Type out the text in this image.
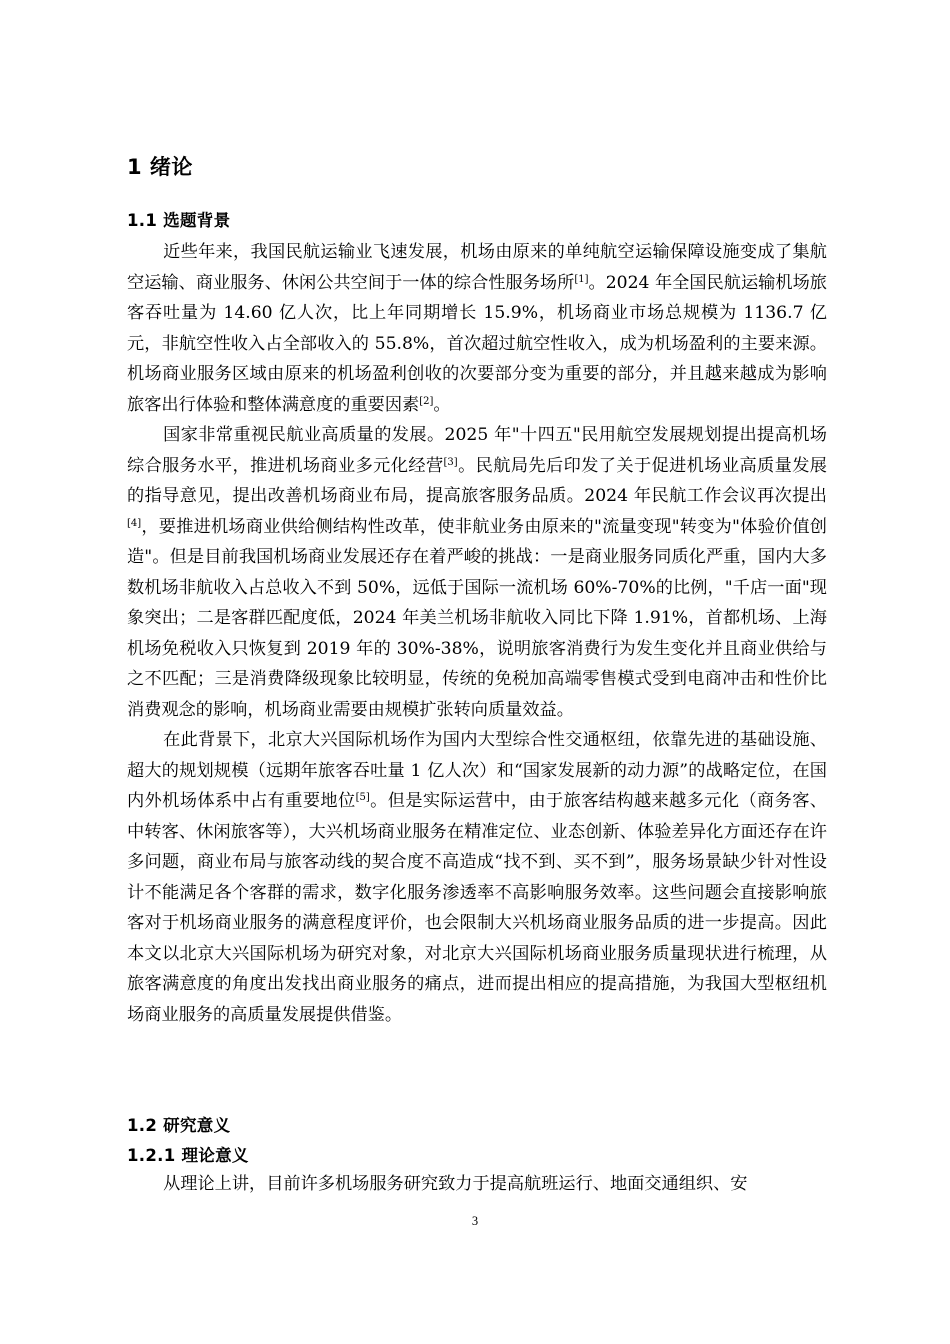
1 绪论
1.1 选题背景

近些年来，我国民航运输业飞速发展，机场由原来的单纯航空运输保障设施变成了集航空运输、商业服务、休闲公共空间于一体的综合性服务场所[1]。2024 年全国民航运输机场旅客吞吐量为 14.60 亿人次，比上年同期增长 15.9%，机场商业市场总规模为 1136.7 亿元，非航空性收入占全部收入的 55.8%，首次超过航空性收入，成为机场盈利的主要来源。机场商业服务区域由原来的机场盈利创收的次要部分变为重要的部分，并且越来越成为影响旅客出行体验和整体满意度的重要因素[2]。

国家非常重视民航业高质量的发展。2025 年"十四五"民用航空发展规划提出提高机场综合服务水平，推进机场商业多元化经营[3]。民航局先后印发了关于促进机场业高质量发展的指导意见，提出改善机场商业布局，提高旅客服务品质。2024 年民航工作会议再次提出[4]，要推进机场商业供给侧结构性改革，使非航业务由原来的"流量变现"转变为"体验价值创造"。但是目前我国机场商业发展还存在着严峻的挑战：一是商业服务同质化严重，国内大多数机场非航收入占总收入不到 50%，远低于国际一流机场 60%-70%的比例，"千店一面"现象突出；二是客群匹配度低，2024 年美兰机场非航收入同比下降 1.91%，首都机场、上海机场免税收入只恢复到 2019 年的 30%-38%，说明旅客消费行为发生变化并且商业供给与之不匹配；三是消费降级现象比较明显，传统的免税加高端零售模式受到电商冲击和性价比消费观念的影响，机场商业需要由规模扩张转向质量效益。

在此背景下，北京大兴国际机场作为国内大型综合性交通枢纽，依靠先进的基础设施、超大的规划规模（远期年旅客吞吐量 1 亿人次）和“国家发展新的动力源”的战略定位，在国内外机场体系中占有重要地位[5]。但是实际运营中，由于旅客结构越来越多元化（商务客、中转客、休闲旅客等），大兴机场商业服务在精准定位、业态创新、体验差异化方面还存在许多问题，商业布局与旅客动线的契合度不高造成“找不到、买不到”，服务场景缺少针对性设计不能满足各个客群的需求，数字化服务渗透率不高影响服务效率。这些问题会直接影响旅客对于机场商业服务的满意程度评价，也会限制大兴机场商业服务品质的进一步提高。因此本文以北京大兴国际机场为研究对象，对北京大兴国际机场商业服务质量现状进行梳理，从旅客满意度的角度出发找出商业服务的痛点，进而提出相应的提高措施，为我国大型枢纽机场商业服务的高质量发展提供借鉴。

1.2 研究意义
1.2.1 理论意义

从理论上讲，目前许多机场服务研究致力于提高航班运行、地面交通组织、安

3
